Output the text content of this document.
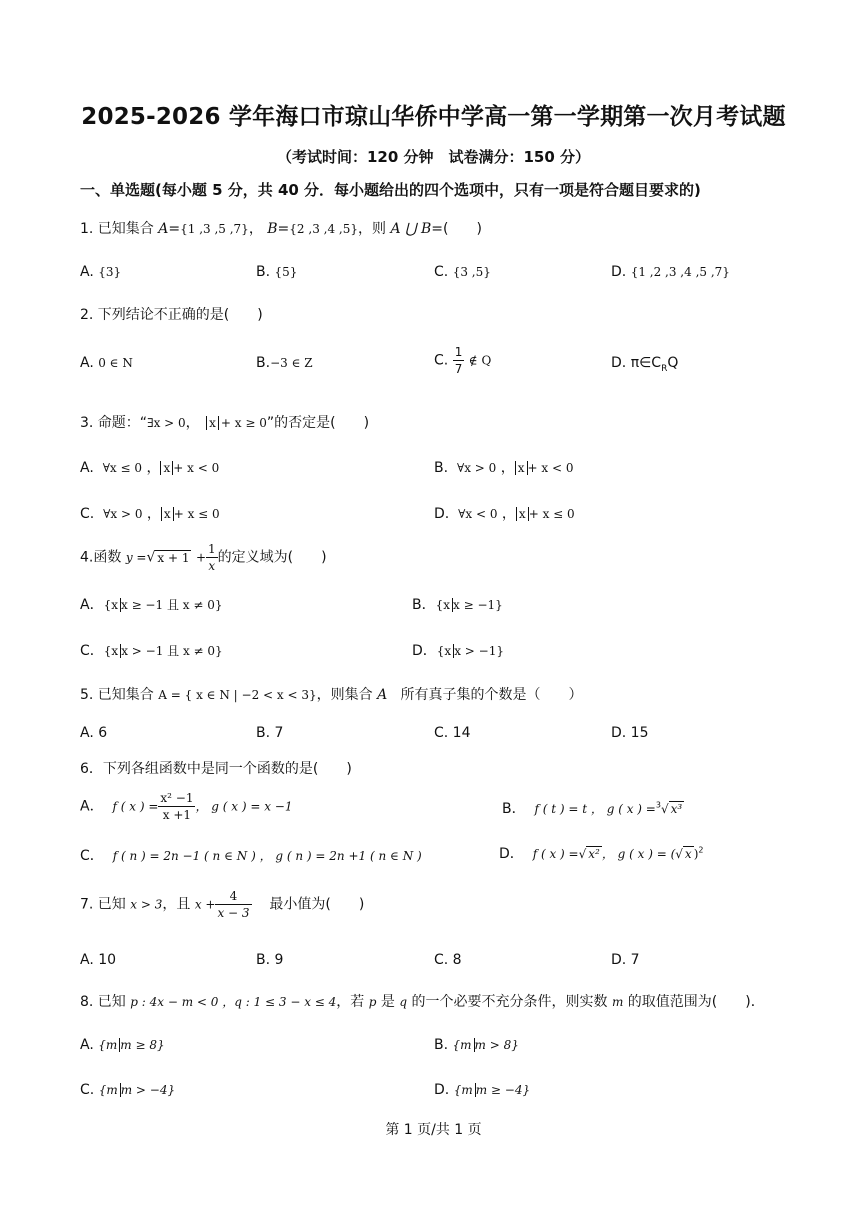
2025-2026 学年海口市琼山华侨中学高一第一学期第一次月考试题
（考试时间：120 分钟　试卷满分：150 分）
一、单选题(每小题 5 分，共 40 分．每小题给出的四个选项中，只有一项是符合题目要求的)
1. 已知集合 A={1 ,3 ,5 ,7}， B={2 ,3 ,4 ,5}，则 A ⋃ B=(　　)
A. {3}	B. {5}	C. {3 ,5}	D. {1 ,2 ,3 ,4 ,5 ,7}
2. 下列结论不正确的是(　　)
A. 0 ∈ N	B.−3 ∈ Z	C. $\frac{1}{7}$ ∉ Q	D. $\pi\in C_RQ$
3. 命题：“∃x > 0， x + x ≥ 0”的否定是(　　)
A. ∀x ≤ 0 ， x + x < 0	B. ∀x > 0 ， x + x < 0
C. ∀x > 0 ， x + x ≤ 0	D. ∀x < 0 ， x + x ≤ 0
4.函数 y =√ $x + 1 + \frac{1}{x}$ 的定义域为(　　)
A．{x x ≥ −1 且 x ≠ 0}	B．{x x ≥ −1}
C．{x x > −1 且 x ≠ 0}	D．{x x > −1}
5. 已知集合 A = { x ∈ N | −2 < x < 3}，则集合 A 所有真子集的个数是（　　）
A. 6	B. 7	C. 14	D. 15
6．下列各组函数中是同一个函数的是(　　)
A． f ( x ) = $\frac{\text{x² −1}}{x +1}$ ， g ( x ) = x −1	B． f ( t ) = t ， g ( x ) =$^3$√ x³
C． f ( n ) = 2n −1 ( n ∈ N ) ， g ( n ) = 2n +1 ( n ∈ N )	D． f ( x ) =√ x² ， g ( x ) = (√ x )$^2$
7. 已知 x > 3，且 $x + \frac{4}{x - 3}$ 最小值为(　　)
A. 10	B. 9	C. 8	D. 7
8. 已知 p : 4x − m < 0 ，q : 1 ≤ 3 − x ≤ 4，若 p 是 q 的一个必要不充分条件，则实数 m 的取值范围为(　　)．
A. {m m ≥ 8}	B. {m m > 8}
C. {m m > −4}	D. {m m ≥ −4}
第 1 页/共 1 页
